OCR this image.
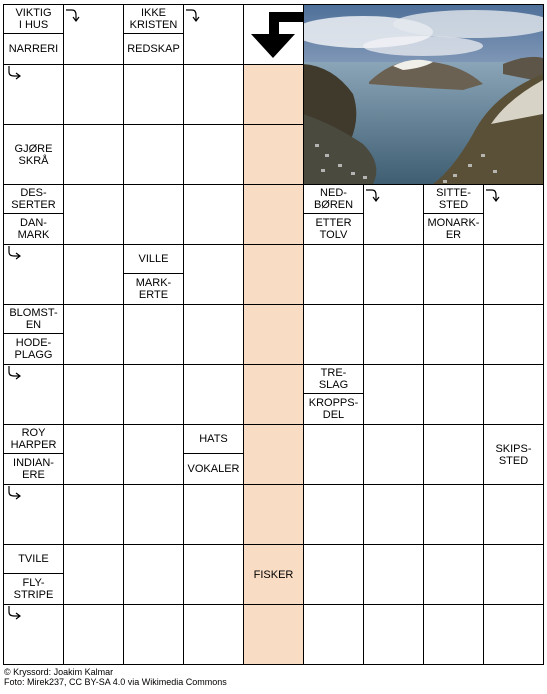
VIKTIG
I HUS
NARRERI
IKKE
KRISTEN
REDSKAP
GJØRE
SKRÅ
DES-
SERTER
DAN-
MARK
NED-
BØREN
ETTER
TOLV
SITTE-
STED
MONARK-
ER
VILLE
MARK-
ERTE
BLOMST-
EN
HODE-
PLAGG
TRE-
SLAG
KROPPS-
DEL
ROY
HARPER
INDIAN-
ERE
HATS
VOKALER
SKIPS-
STED
TVILE
FLY-
STRIPE
FISKER
© Kryssord: Joakim Kalmar
Foto: Mirek237, CC BY-SA 4.0 via Wikimedia Commons
